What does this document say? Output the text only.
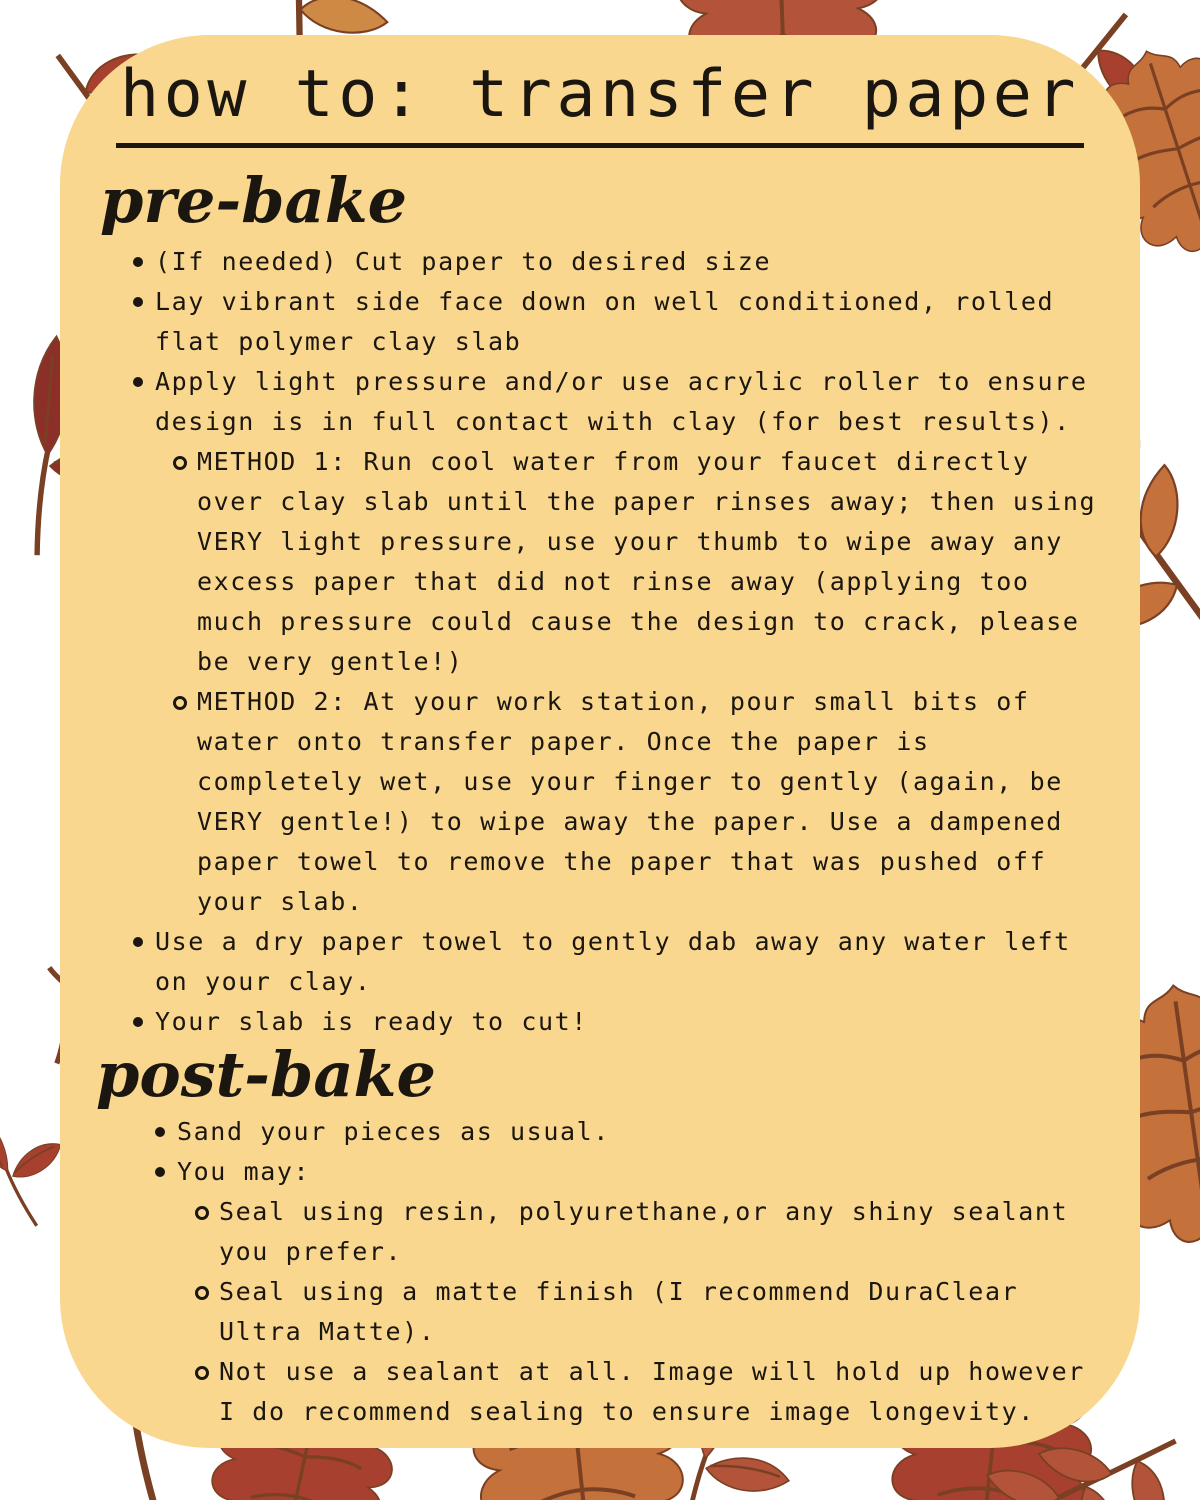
how to: transfer paper
pre-bake
(If needed) Cut paper to desired size
Lay vibrant side face down on well conditioned, rolled flat polymer clay slab
Apply light pressure and/or use acrylic roller to ensure design is in full contact with clay (for best results).
METHOD 1: Run cool water from your faucet directly over clay slab until the paper rinses away; then using VERY light pressure, use your thumb to wipe away any excess paper that did not rinse away (applying too much pressure could cause the design to crack, please be very gentle!)
METHOD 2: At your work station, pour small bits of water onto transfer paper. Once the paper is completely wet, use your finger to gently (again, be VERY gentle!) to wipe away the paper. Use a dampened paper towel to remove the paper that was pushed off your slab.
Use a dry paper towel to gently dab away any water left on your clay.
Your slab is ready to cut!
post-bake
Sand your pieces as usual.
You may:
Seal using resin, polyurethane,or any shiny sealant you prefer.
Seal using a matte finish (I recommend DuraClear Ultra Matte).
Not use a sealant at all. Image will hold up however I do recommend sealing to ensure image longevity.
